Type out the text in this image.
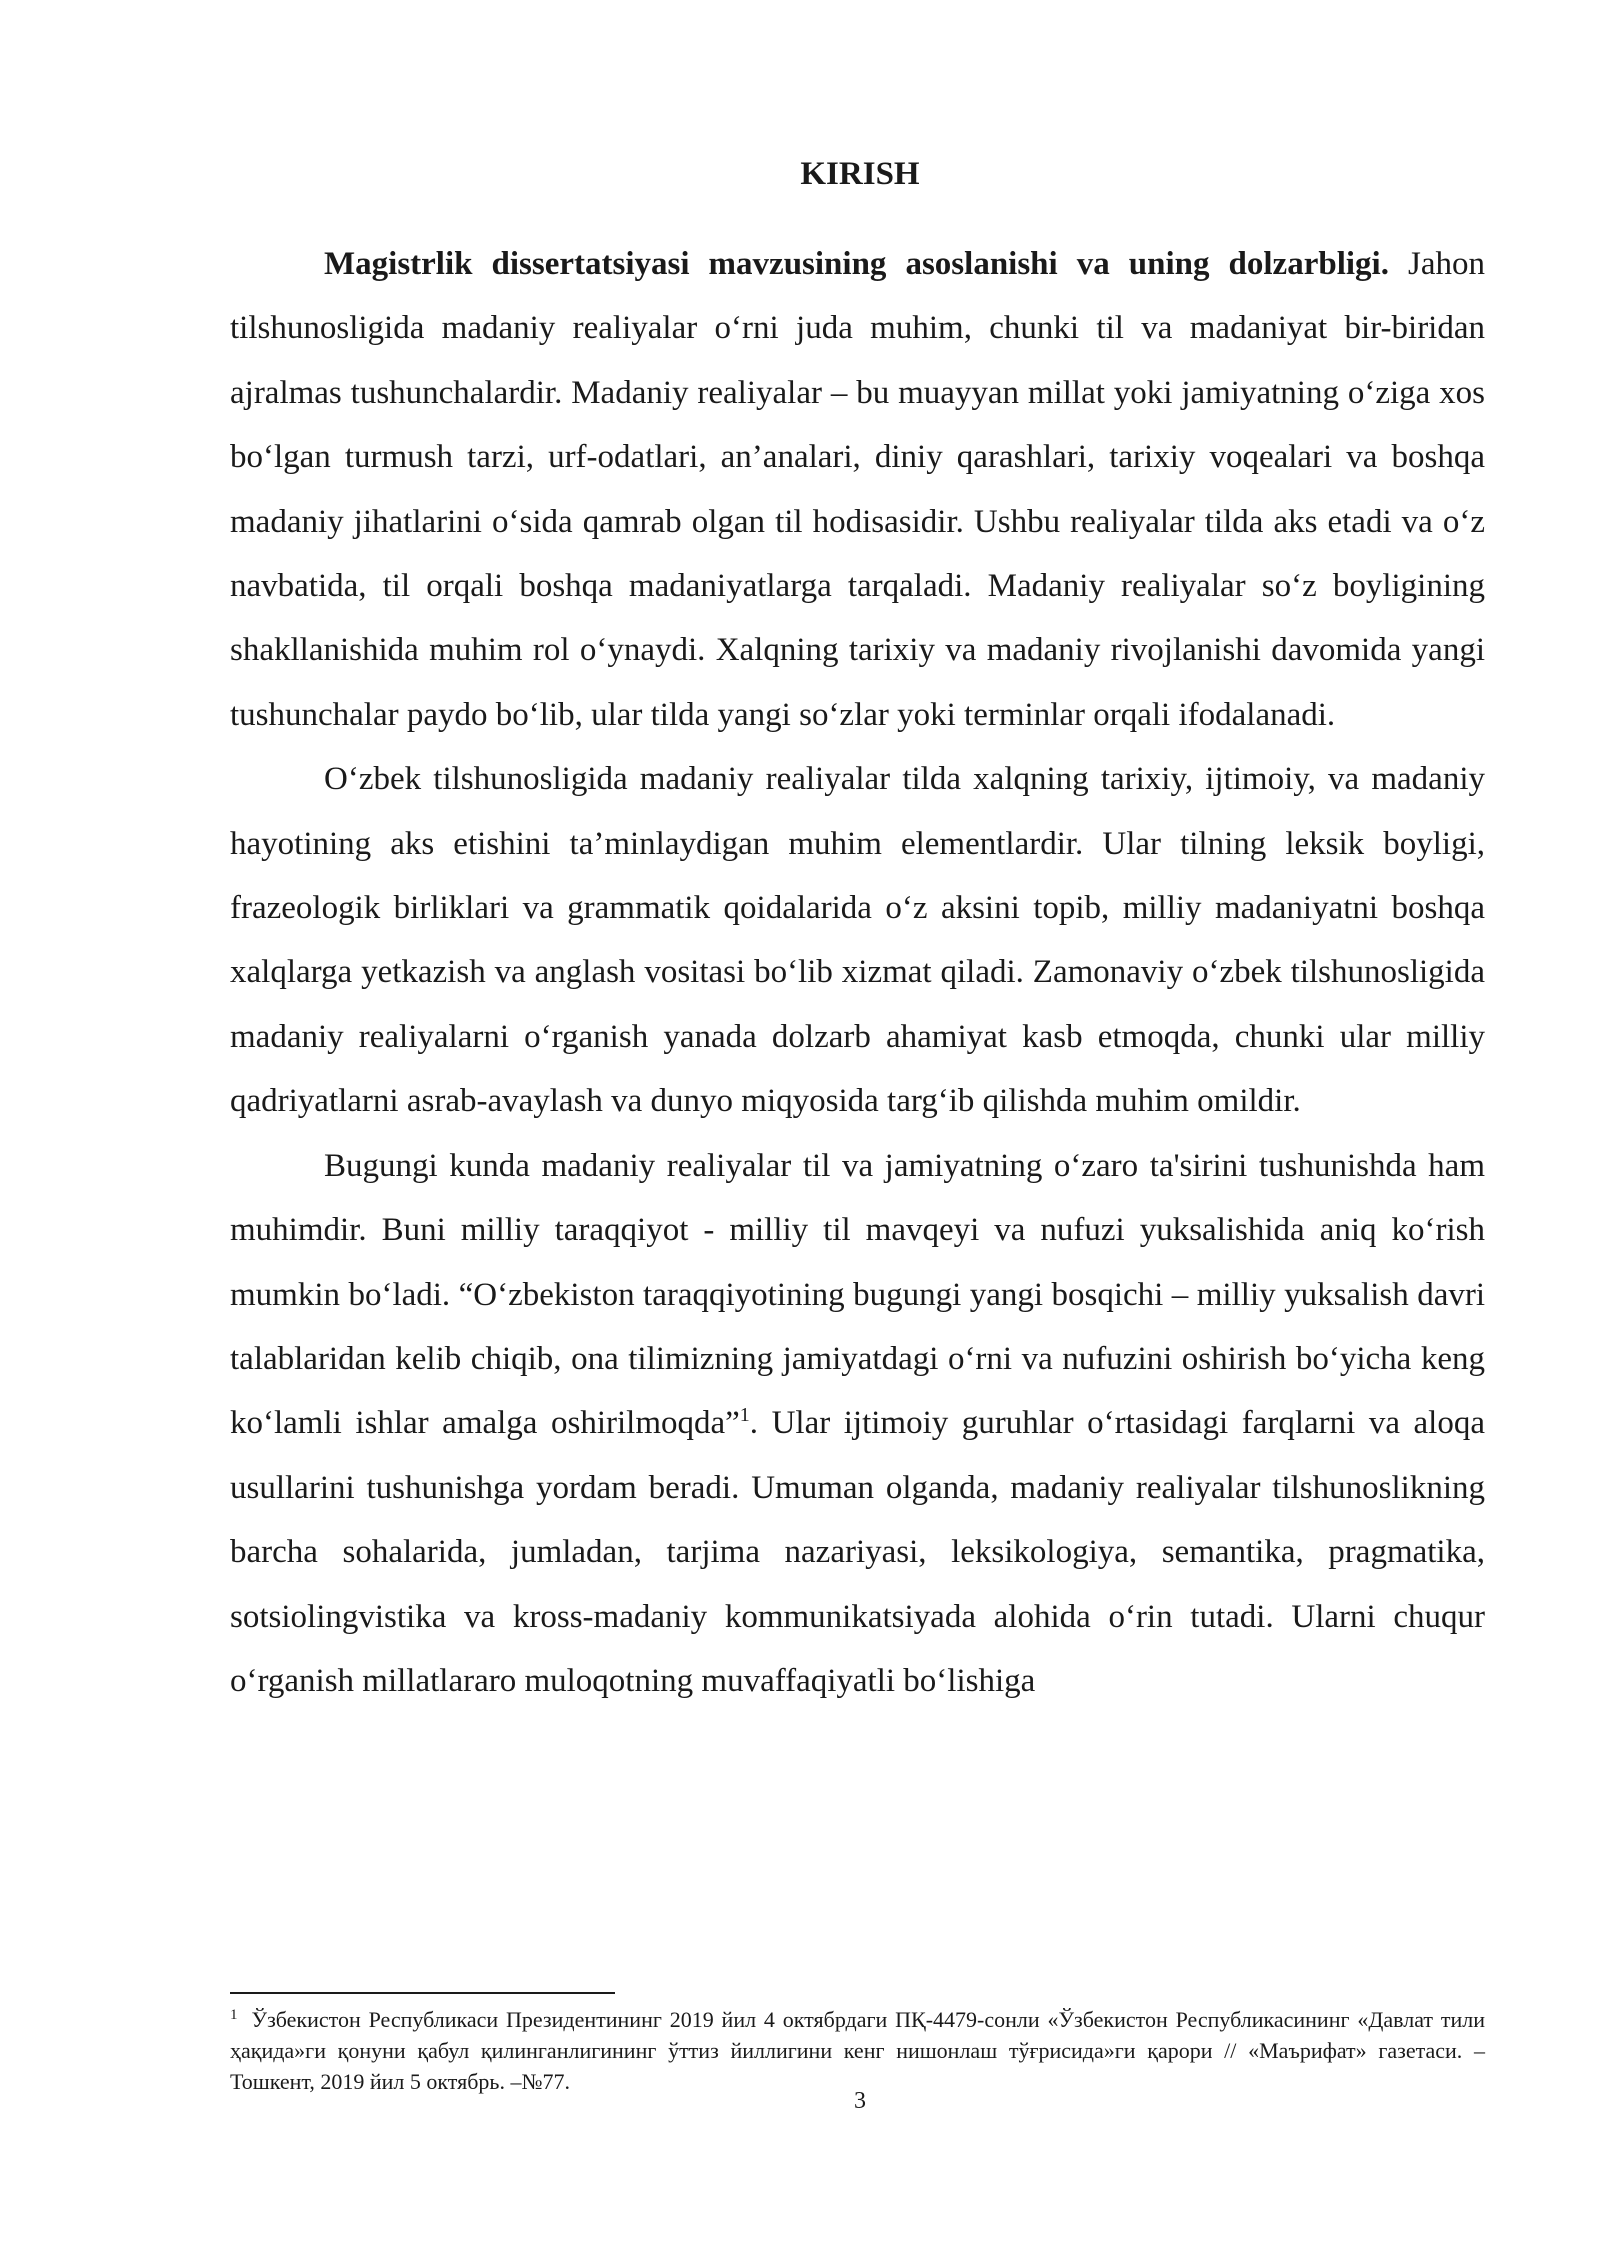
KIRISH

Magistrlik dissertatsiyasi mavzusining asoslanishi va uning dolzarbligi. Jahon tilshunosligida madaniy realiyalar o‘rni juda muhim, chunki til va madaniyat bir-biridan ajralmas tushunchalardir. Madaniy realiyalar – bu muayyan millat yoki jamiyatning o‘ziga xos bo‘lgan turmush tarzi, urf-odatlari, an’analari, diniy qarashlari, tarixiy voqealari va boshqa madaniy jihatlarini o‘sida qamrab olgan til hodisasidir. Ushbu realiyalar tilda aks etadi va o‘z navbatida, til orqali boshqa madaniyatlarga tarqaladi. Madaniy realiyalar so‘z boyligining shakllanishida muhim rol o‘ynaydi. Xalqning tarixiy va madaniy rivojlanishi davomida yangi tushunchalar paydo bo‘lib, ular tilda yangi so‘zlar yoki terminlar orqali ifodalanadi.

O‘zbek tilshunosligida madaniy realiyalar tilda xalqning tarixiy, ijtimoiy, va madaniy hayotining aks etishini ta’minlaydigan muhim elementlardir. Ular tilning leksik boyligi, frazeologik birliklari va grammatik qoidalarida o‘z aksini topib, milliy madaniyatni boshqa xalqlarga yetkazish va anglash vositasi bo‘lib xizmat qiladi. Zamonaviy o‘zbek tilshunosligida madaniy realiyalarni o‘rganish yanada dolzarb ahamiyat kasb etmoqda, chunki ular milliy qadriyatlarni asrab-avaylash va dunyo miqyosida targ‘ib qilishda muhim omildir.

Bugungi kunda madaniy realiyalar til va jamiyatning o‘zaro ta'sirini tushunishda ham muhimdir. Buni milliy taraqqiyot - milliy til mavqeyi va nufuzi yuksalishida aniq ko‘rish mumkin bo‘ladi. “O‘zbekiston taraqqiyotining bugungi yangi bosqichi – milliy yuksalish davri talablaridan kelib chiqib, ona tilimizning jamiyatdagi o‘rni va nufuzini oshirish bo‘yicha keng ko‘lamli ishlar amalga oshirilmoqda”$^1$. Ular ijtimoiy guruhlar o‘rtasidagi farqlarni va aloqa usullarini tushunishga yordam beradi. Umuman olganda, madaniy realiyalar tilshunoslikning barcha sohalarida, jumladan, tarjima nazariyasi, leksikologiya, semantika, pragmatika, sotsiolingvistika va kross-madaniy kommunikatsiyada alohida o‘rin tutadi. Ularni chuqur o‘rganish millatlararo muloqotning muvaffaqiyatli bo‘lishiga

$^1$ Ўзбекистон Республикаси Президентининг 2019 йил 4 октябрдаги ПҚ-4479-сонли «Ўзбекистон Республикасининг «Давлат тили ҳақида»ги қонуни қабул қилинганлигининг ўттиз йиллигини кенг нишонлаш тўғрисида»ги қарори // «Маърифат» газетаси. – Тошкент, 2019 йил 5 октябрь. –№77.

3
